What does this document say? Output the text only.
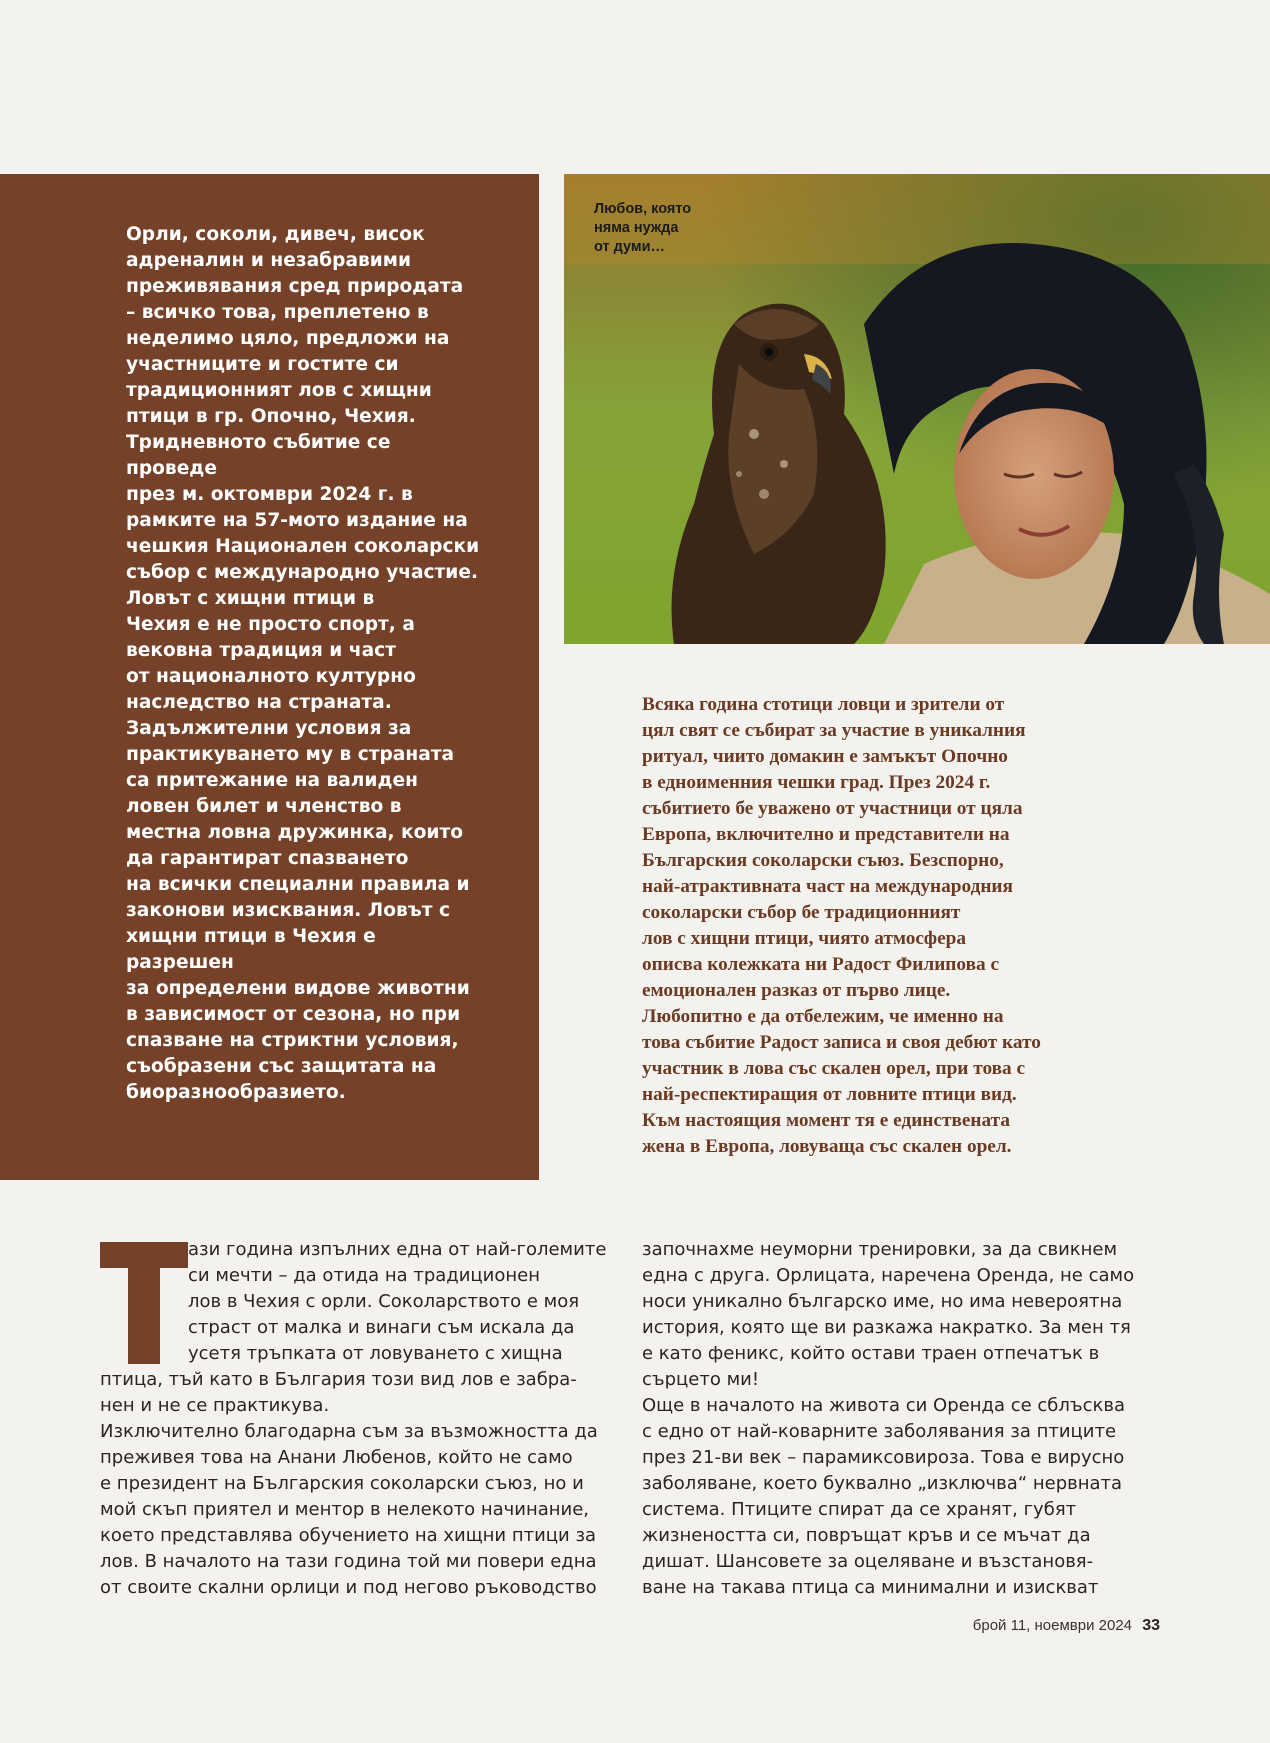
Орли, соколи, дивеч, висок
адреналин и незабравими
преживявания сред природата
– всичко това, преплетено в
неделимо цяло, предложи на
участниците и гостите си
традиционният лов с хищни
птици в гр. Опочно, Чехия.
Тридневното събитие се проведе
през м. октомври 2024 г. в
рамките на 57-мото издание на
чешкия Национален соколарски
събор с международно участие.
Ловът с хищни птици в
Чехия е не просто спорт, а
вековна традиция и част
от националното културно
наследство на страната.
Задължителни условия за
практикуването му в страната
са притежание на валиден
ловен билет и членство в
местна ловна дружинка, които
да гарантират спазването
на всички специални правила и
законови изисквания. Ловът с
хищни птици в Чехия е разрешен
за определени видове животни
в зависимост от сезона, но при
спазване на стриктни условия,
съобразени със защитата на
биоразнообразието.

Любов, която
няма нужда
от думи…

Всяка година стотици ловци и зрители от
цял свят се събират за участие в уникалния
ритуал, чиито домакин е замъкът Опочно
в едноименния чешки град. През 2024 г.
събитието бе уважено от участници от цяла
Европа, включително и представители на
Българския соколарски съюз. Безспорно,
най-атрактивната част на международния
соколарски събор бе традиционният
лов с хищни птици, чиято атмосфера
описва колежката ни Радост Филипова с
емоционален разказ от първо лице.
Любопитно е да отбележим, че именно на
това събитие Радост записа и своя дебют като
участник в лова със скален орел, при това с
най-респектиращия от ловните птици вид.
Към настоящия момент тя е единствената
жена в Европа, ловуваща със скален орел.

ази година изпълних една от най-големите
си мечти – да отида на традиционен
лов в Чехия с орли. Соколарството е моя
страст от малка и винаги съм искала да
усетя тръпката от ловуването с хищна

птица, тъй като в България този вид лов е забра-
нен и не се практикува.
Изключително благодарна съм за възможността да
преживея това на Анани Любенов, който не само
е президент на Българския соколарски съюз, но и
мой скъп приятел и ментор в нелекото начинание,
което представлява обучението на хищни птици за
лов. В началото на тази година той ми повери една
от своите скални орлици и под негово ръководство

започнахме неуморни тренировки, за да свикнем
една с друга. Орлицата, наречена Оренда, не само
носи уникално българско име, но има невероятна
история, която ще ви разкажа накратко. За мен тя
е като феникс, който остави траен отпечатък в
сърцето ми!
Още в началото на живота си Оренда се сблъсква
с едно от най-коварните заболявания за птиците
през 21-ви век – парамиксовироза. Това е вирусно
заболяване, което буквално „изключва“ нервната
система. Птиците спират да се хранят, губят
жизнеността си, повръщат кръв и се мъчат да
дишат. Шансовете за оцеляване и възстановя-
ване на такава птица са минимални и изискват

брой 11, ноември 2024 33
